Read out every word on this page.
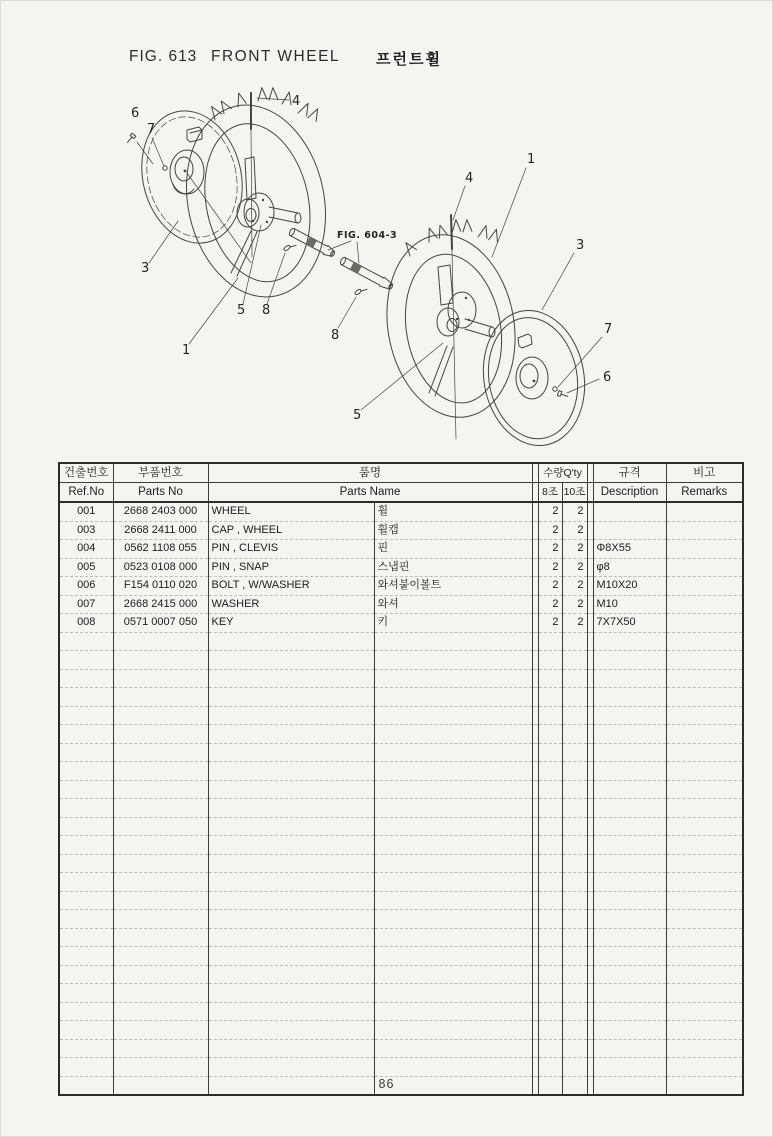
FIG. 613 FRONT WHEEL 프런트휠
6
7
3
4
1
5 8
FIG. 604-3
8
4
1
5
3
7
6
건출번호	부품번호	품명			수량Q'ty			규격	비고
Ref.No	Parts No	Parts Name			8조	10조		Description	Remarks
001	2668 2403 000	WHEEL	휠		2	2			
003	2668 2411 000	CAP , WHEEL	휠캡		2	2			
004	0562 1108 055	PIN , CLEVIS	핀		2	2		Φ8X55	
005	0523 0108 000	PIN , SNAP	스냅핀		2	2		φ8	
006	F154 0110 020	BOLT , W/WASHER	와셔붙이볼트		2	2		M10X20	
007	2668 2415 000	WASHER	와셔		2	2		M10	
008	0571 0007 050	KEY	키		2	2		7X7X50	

86
